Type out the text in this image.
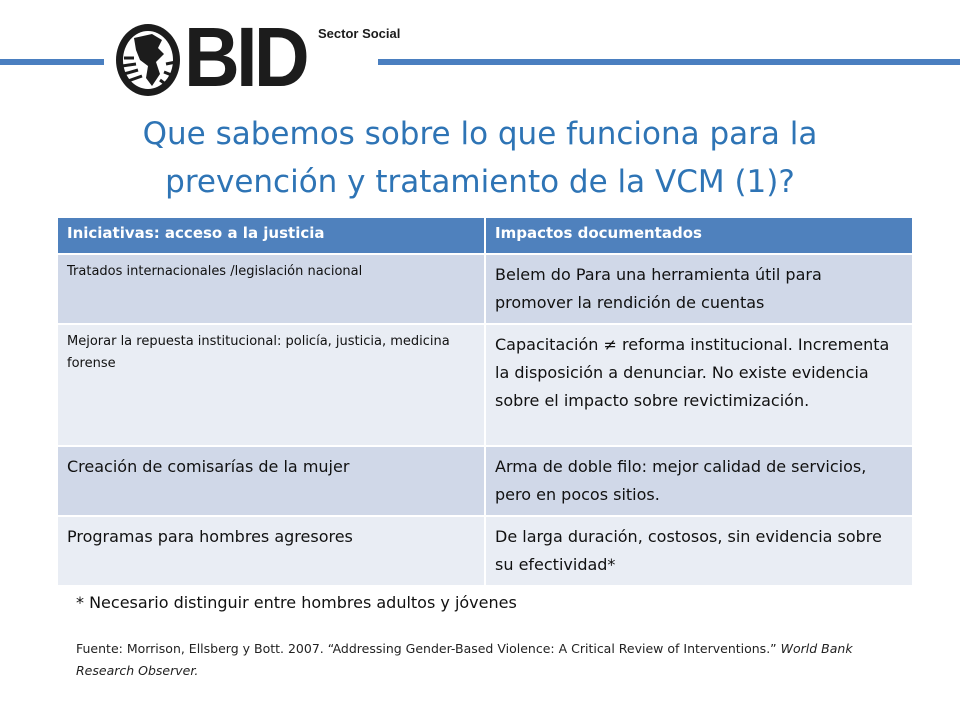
BID Sector Social
Que sabemos sobre lo que funciona para la prevención y tratamiento de la VCM (1)?
Iniciativas: acceso a la justicia	Impactos documentados
Tratados internacionales /legislación nacional	Belem do Para una herramienta útil para promover la rendición de cuentas
Mejorar la repuesta institucional: policía, justicia, medicina forense	Capacitación ≠ reforma institucional. Incrementa la disposición a denunciar. No existe evidencia sobre el impacto sobre revictimización.
Creación de comisarías de la mujer	Arma de doble filo: mejor calidad de servicios, pero en pocos sitios.
Programas para hombres agresores	De larga duración, costosos, sin evidencia sobre su efectividad*
* Necesario distinguir entre hombres adultos y jóvenes
Fuente: Morrison, Ellsberg y Bott. 2007. “Addressing Gender-Based Violence: A Critical Review of Interventions.” World Bank Research Observer.
